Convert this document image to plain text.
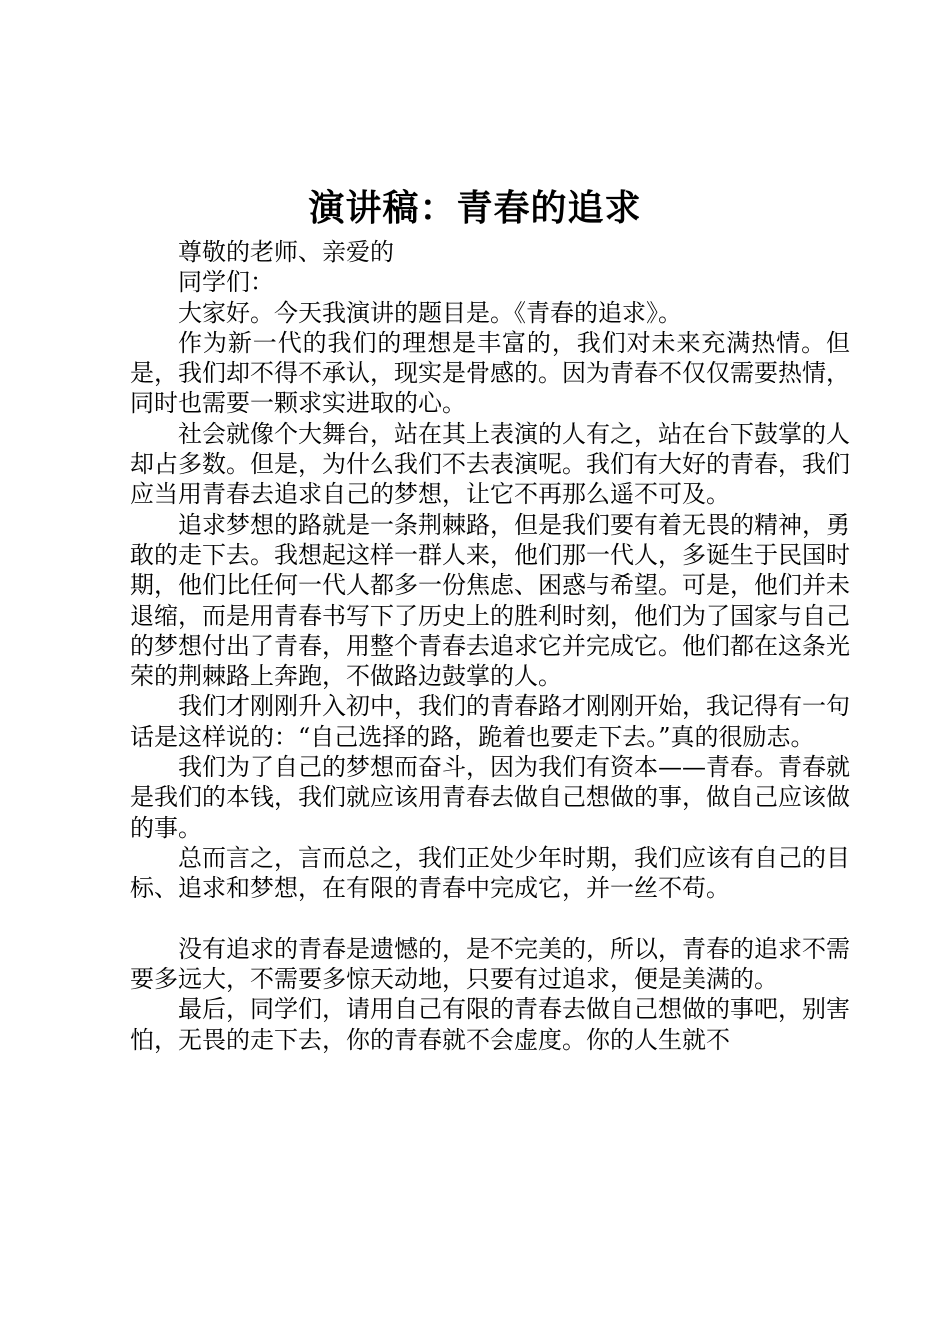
演讲稿：青春的追求

尊敬的老师、亲爱的

同学们：

大家好。今天我演讲的题目是。《青春的追求》。

作为新一代的我们的理想是丰富的，我们对未来充满热情。但是，我们却不得不承认，现实是骨感的。因为青春不仅仅需要热情，同时也需要一颗求实进取的心。

社会就像个大舞台，站在其上表演的人有之，站在台下鼓掌的人却占多数。但是，为什么我们不去表演呢。我们有大好的青春，我们应当用青春去追求自己的梦想，让它不再那么遥不可及。

追求梦想的路就是一条荆棘路，但是我们要有着无畏的精神，勇敢的走下去。我想起这样一群人来，他们那一代人，多诞生于民国时期，他们比任何一代人都多一份焦虑、困惑与希望。可是，他们并未退缩，而是用青春书写下了历史上的胜利时刻，他们为了国家与自己的梦想付出了青春，用整个青春去追求它并完成它。他们都在这条光荣的荆棘路上奔跑，不做路边鼓掌的人。

我们才刚刚升入初中，我们的青春路才刚刚开始，我记得有一句话是这样说的：“自己选择的路，跪着也要走下去。”真的很励志。

我们为了自己的梦想而奋斗，因为我们有资本——青春。青春就是我们的本钱，我们就应该用青春去做自己想做的事，做自己应该做的事。

总而言之，言而总之，我们正处少年时期，我们应该有自己的目标、追求和梦想，在有限的青春中完成它，并一丝不苟。

没有追求的青春是遗憾的，是不完美的，所以，青春的追求不需要多远大，不需要多惊天动地，只要有过追求，便是美满的。

最后，同学们，请用自己有限的青春去做自己想做的事吧，别害怕，无畏的走下去，你的青春就不会虚度。你的人生就不
